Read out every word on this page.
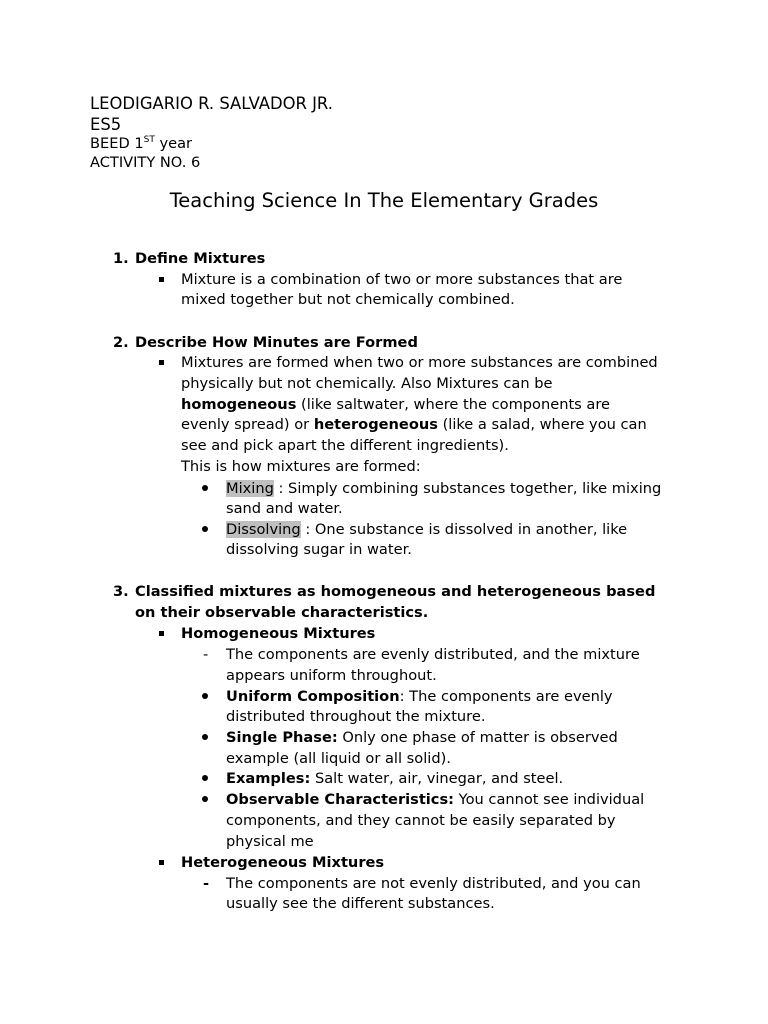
LEODIGARIO R. SALVADOR JR.
ES5
BEED 1ST year
ACTIVITY NO. 6
Teaching Science In The Elementary Grades
1. Define Mixtures
Mixture is a combination of two or more substances that are
mixed together but not chemically combined.
2. Describe How Minutes are Formed
Mixtures are formed when two or more substances are combined
physically but not chemically. Also Mixtures can be
homogeneous (like saltwater, where the components are
evenly spread) or heterogeneous (like a salad, where you can
see and pick apart the different ingredients).
This is how mixtures are formed:
Mixing : Simply combining substances together, like mixing
sand and water.
Dissolving : One substance is dissolved in another, like
dissolving sugar in water.
3. Classified mixtures as homogeneous and heterogeneous based
on their observable characteristics.
Homogeneous Mixtures
- The components are evenly distributed, and the mixture
appears uniform throughout.
Uniform Composition: The components are evenly
distributed throughout the mixture.
Single Phase: Only one phase of matter is observed
example (all liquid or all solid).
Examples: Salt water, air, vinegar, and steel.
Observable Characteristics: You cannot see individual
components, and they cannot be easily separated by
physical me
Heterogeneous Mixtures
- The components are not evenly distributed, and you can
usually see the different substances.
